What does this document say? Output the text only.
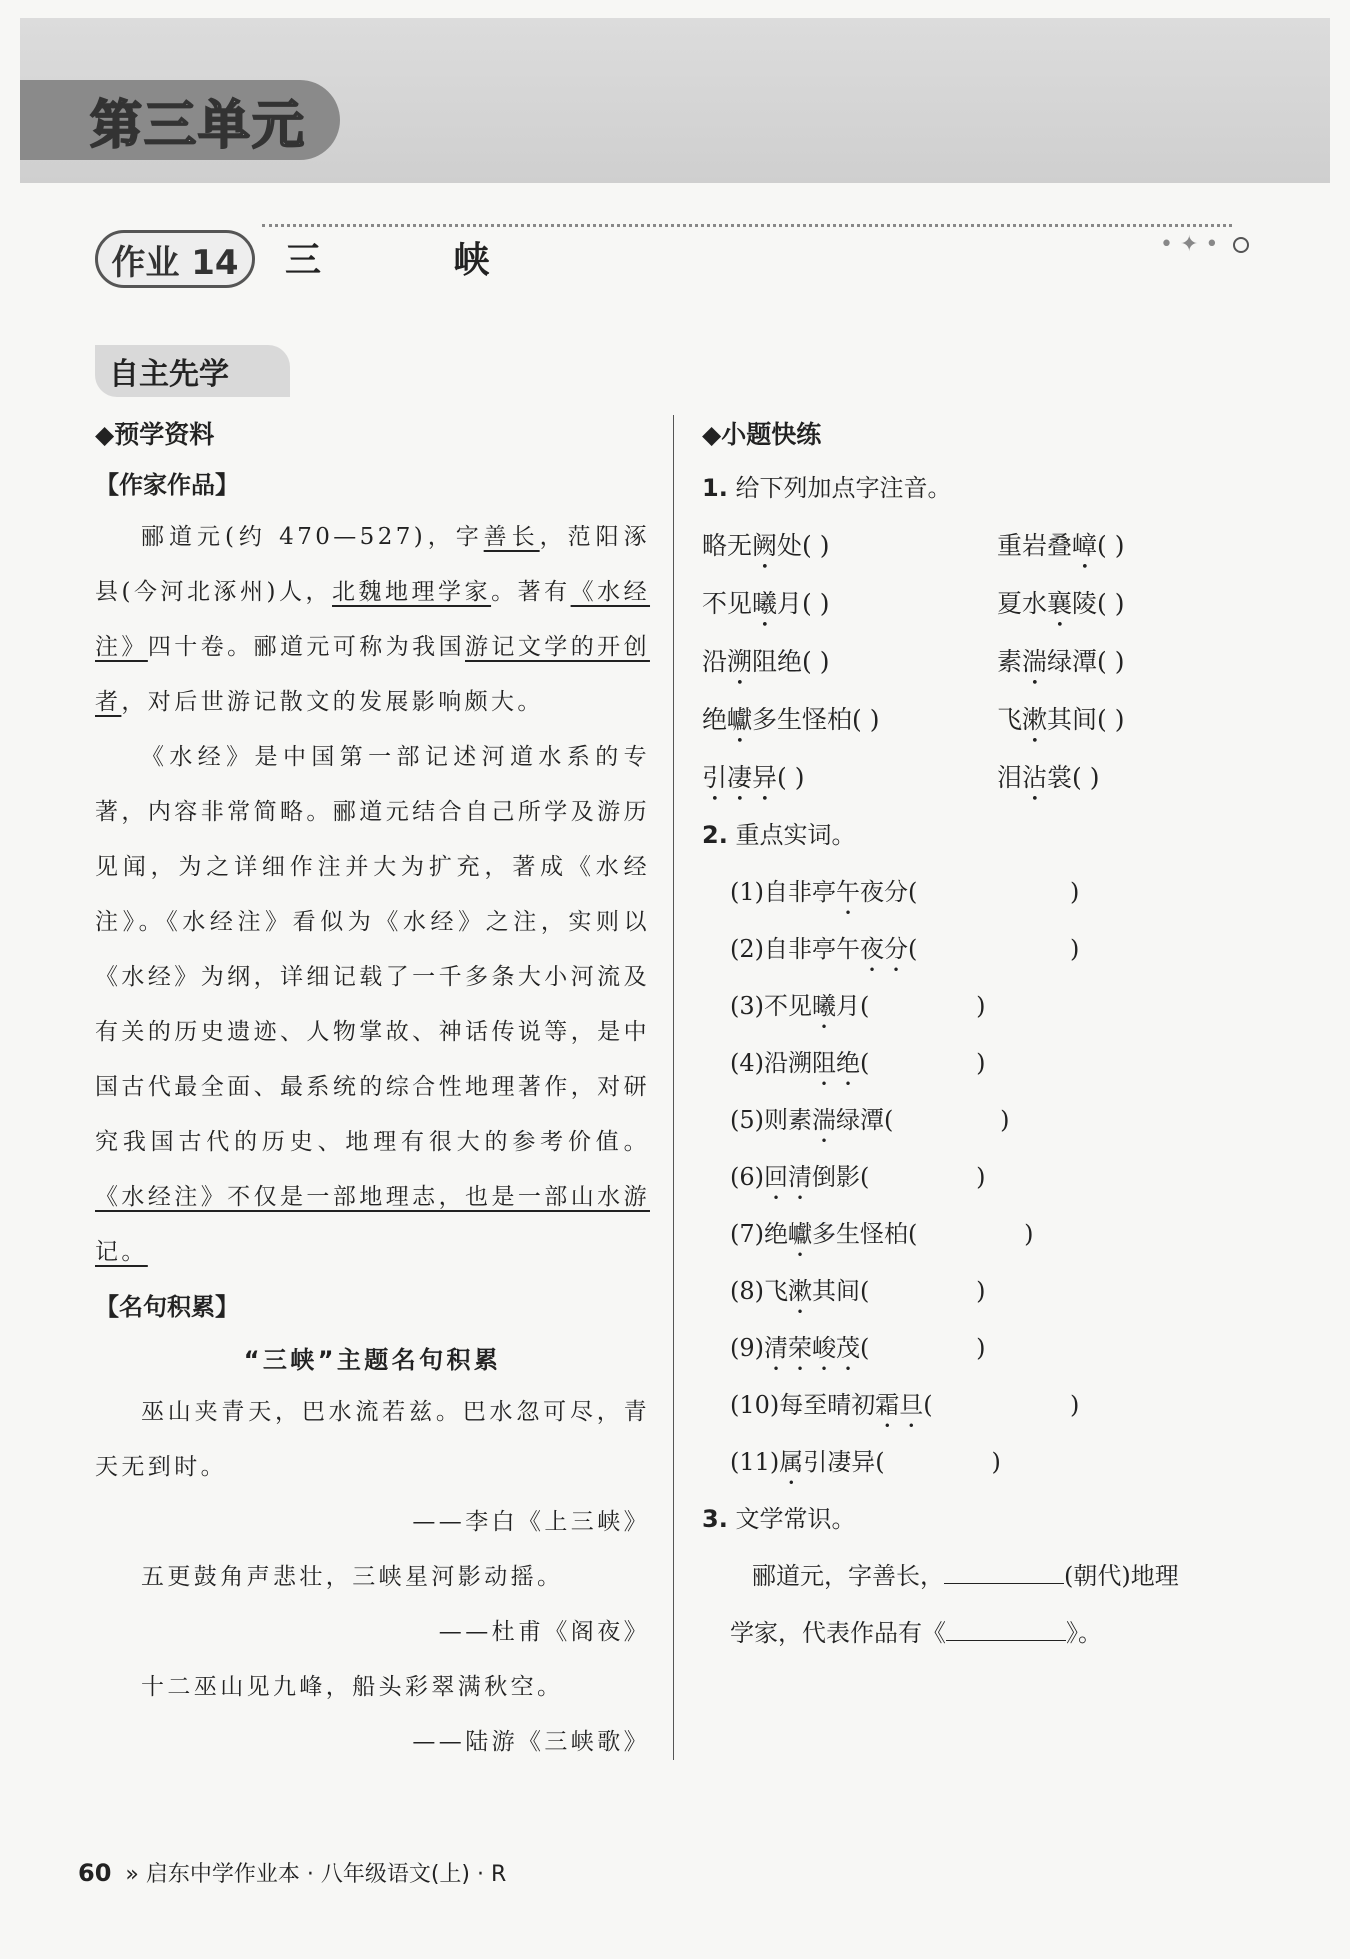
第三单元
作业 14	三 峡	• ✦ •
自主先学

◆预学资料

【作家作品】

郦道元(约 470—527)，字善长，范阳涿县(今河北涿州)人，北魏地理学家。著有《水经注》四十卷。郦道元可称为我国游记文学的开创者，对后世游记散文的发展影响颇大。

《水经》是中国第一部记述河道水系的专著，内容非常简略。郦道元结合自己所学及游历见闻，为之详细作注并大为扩充，著成《水经注》。《水经注》看似为《水经》之注，实则以《水经》为纲，详细记载了一千多条大小河流及有关的历史遗迹、人物掌故、神话传说等，是中国古代最全面、最系统的综合性地理著作，对研究我国古代的历史、地理有很大的参考价值。《水经注》不仅是一部地理志，也是一部山水游记。

【名句积累】

“三峡”主题名句积累

巫山夹青天，巴水流若兹。巴水忽可尽，青天无到时。

——李白《上三峡》

五更鼓角声悲壮，三峡星河影动摇。

——杜甫《阁夜》

十二巫山见九峰，船头彩翠满秋空。

——陆游《三峡歌》

◆小题快练

1. 给下列加点字注音。

略无阙处( )	重岩叠嶂( )
不见曦月( )	夏水襄陵( )
沿溯阻绝( )	素湍绿潭( )
绝巘多生怪柏( )	飞漱其间( )
引凄异( )	泪沾裳( )

2. 重点实词。

(1)自非亭午夜分(                    )

(2)自非亭午夜分(                    )

(3)不见曦月(              )

(4)沿溯阻绝(              )

(5)则素湍绿潭(              )

(6)回清倒影(              )

(7)绝巘多生怪柏(              )

(8)飞漱其间(              )

(9)清荣峻茂(              )

(10)每至晴初霜旦(                  )

(11)属引凄异(              )

3. 文学常识。

郦道元，字善长，	(朝代)地理

学家，代表作品有《	》。

60 » 启东中学作业本 · 八年级语文(上) · R
